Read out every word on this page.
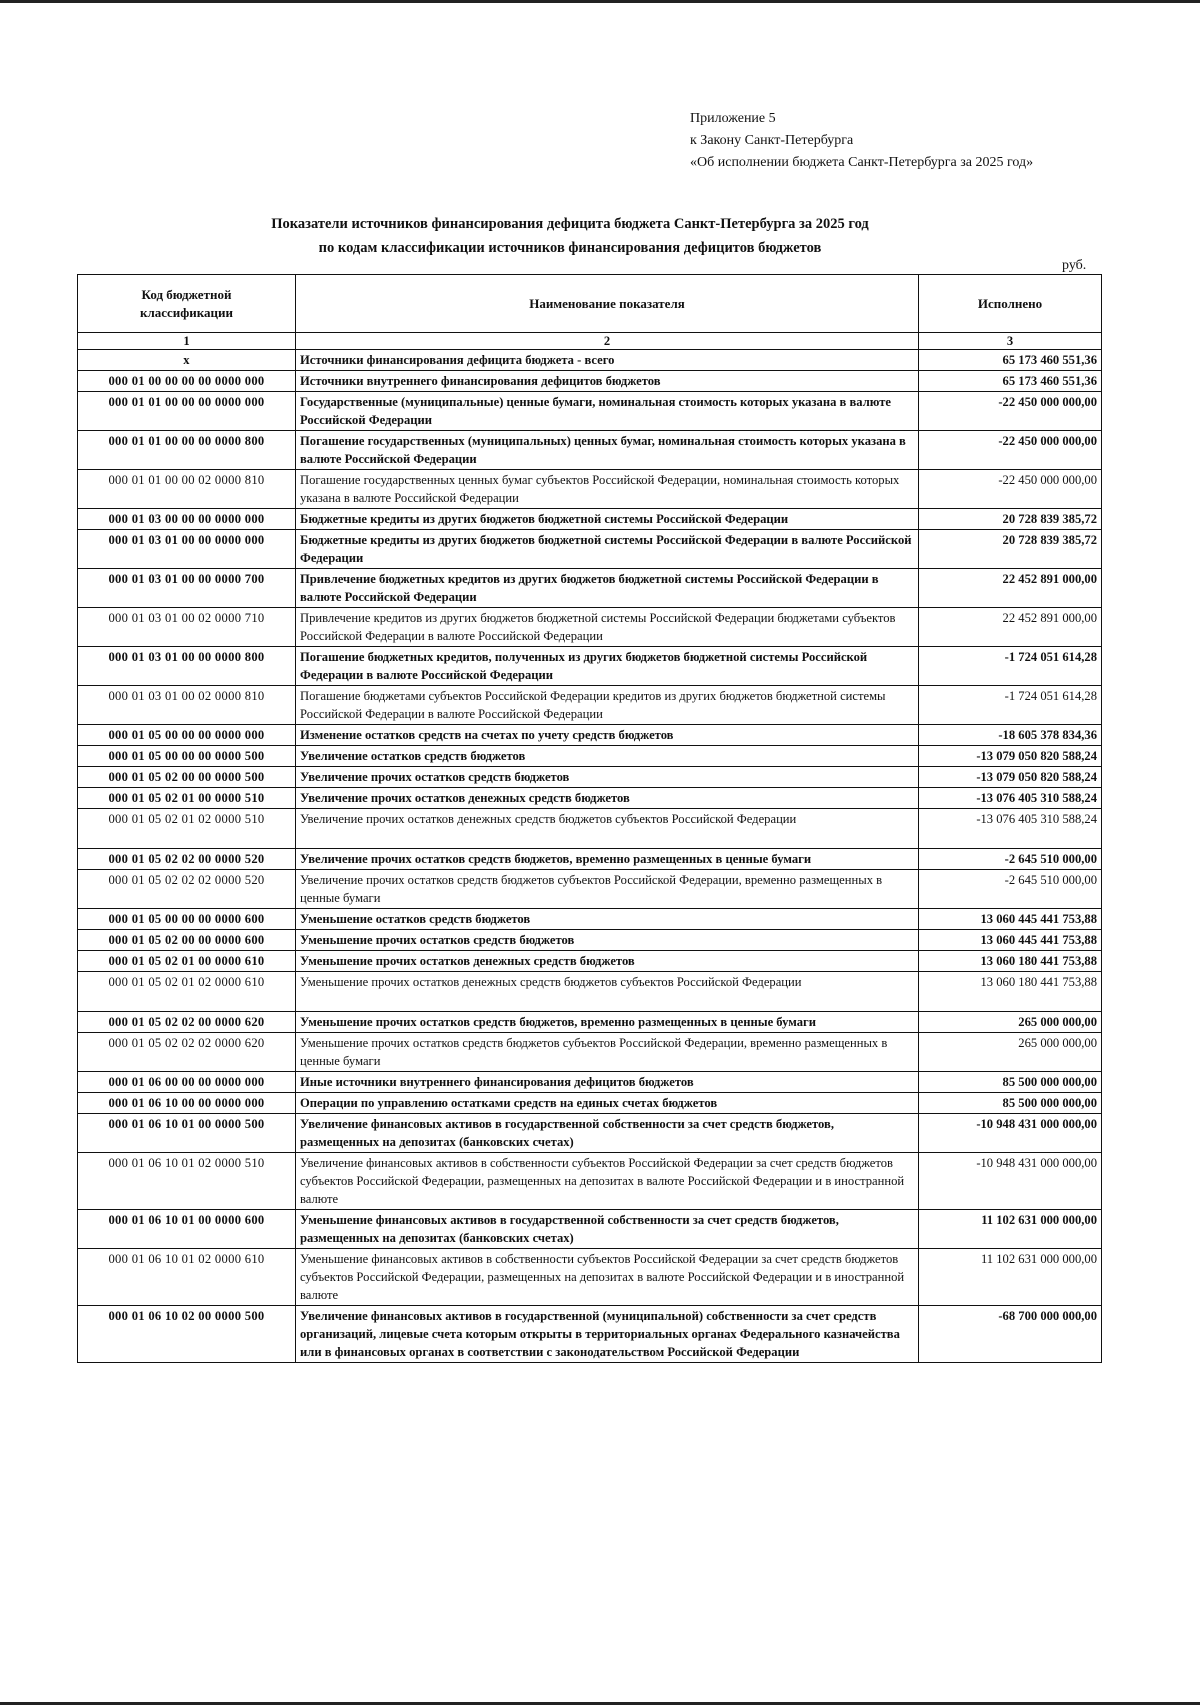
Приложение 5
к Закону Санкт-Петербурга
«Об исполнении бюджета Санкт-Петербурга за 2025 год»
Показатели источников финансирования дефицита бюджета Санкт-Петербурга за 2025 год
по кодам классификации источников финансирования дефицитов бюджетов
руб.
Код бюджетной классификации	Наименование показателя	Исполнено
1	2	3
х	Источники финансирования дефицита бюджета - всего	65 173 460 551,36
000 01 00 00 00 00 0000 000	Источники внутреннего финансирования дефицитов бюджетов	65 173 460 551,36
000 01 01 00 00 00 0000 000	Государственные (муниципальные) ценные бумаги, номинальная стоимость которых указана в валюте Российской Федерации	-22 450 000 000,00
000 01 01 00 00 00 0000 800	Погашение государственных (муниципальных) ценных бумаг, номинальная стоимость которых указана в валюте Российской Федерации	-22 450 000 000,00
000 01 01 00 00 02 0000 810	Погашение государственных ценных бумаг субъектов Российской Федерации, номинальная стоимость которых указана в валюте Российской Федерации	-22 450 000 000,00
000 01 03 00 00 00 0000 000	Бюджетные кредиты из других бюджетов бюджетной системы Российской Федерации	20 728 839 385,72
000 01 03 01 00 00 0000 000	Бюджетные кредиты из других бюджетов бюджетной системы Российской Федерации в валюте Российской Федерации	20 728 839 385,72
000 01 03 01 00 00 0000 700	Привлечение бюджетных кредитов из других бюджетов бюджетной системы Российской Федерации в валюте Российской Федерации	22 452 891 000,00
000 01 03 01 00 02 0000 710	Привлечение кредитов из других бюджетов бюджетной системы Российской Федерации бюджетами субъектов Российской Федерации в валюте Российской Федерации	22 452 891 000,00
000 01 03 01 00 00 0000 800	Погашение бюджетных кредитов, полученных из других бюджетов бюджетной системы Российской Федерации в валюте Российской Федерации	-1 724 051 614,28
000 01 03 01 00 02 0000 810	Погашение бюджетами субъектов Российской Федерации кредитов из других бюджетов бюджетной системы Российской Федерации в валюте Российской Федерации	-1 724 051 614,28
000 01 05 00 00 00 0000 000	Изменение остатков средств на счетах по учету средств бюджетов	-18 605 378 834,36
000 01 05 00 00 00 0000 500	Увеличение остатков средств бюджетов	-13 079 050 820 588,24
000 01 05 02 00 00 0000 500	Увеличение прочих остатков средств бюджетов	-13 079 050 820 588,24
000 01 05 02 01 00 0000 510	Увеличение прочих остатков денежных средств бюджетов	-13 076 405 310 588,24
000 01 05 02 01 02 0000 510	Увеличение прочих остатков денежных средств бюджетов субъектов Российской Федерации	-13 076 405 310 588,24
000 01 05 02 02 00 0000 520	Увеличение прочих остатков средств бюджетов, временно размещенных в ценные бумаги	-2 645 510 000,00
000 01 05 02 02 02 0000 520	Увеличение прочих остатков средств бюджетов субъектов Российской Федерации, временно размещенных в ценные бумаги	-2 645 510 000,00
000 01 05 00 00 00 0000 600	Уменьшение остатков средств бюджетов	13 060 445 441 753,88
000 01 05 02 00 00 0000 600	Уменьшение прочих остатков средств бюджетов	13 060 445 441 753,88
000 01 05 02 01 00 0000 610	Уменьшение прочих остатков денежных средств бюджетов	13 060 180 441 753,88
000 01 05 02 01 02 0000 610	Уменьшение прочих остатков денежных средств бюджетов субъектов Российской Федерации	13 060 180 441 753,88
000 01 05 02 02 00 0000 620	Уменьшение прочих остатков средств бюджетов, временно размещенных в ценные бумаги	265 000 000,00
000 01 05 02 02 02 0000 620	Уменьшение прочих остатков средств бюджетов субъектов Российской Федерации, временно размещенных в ценные бумаги	265 000 000,00
000 01 06 00 00 00 0000 000	Иные источники внутреннего финансирования дефицитов бюджетов	85 500 000 000,00
000 01 06 10 00 00 0000 000	Операции по управлению остатками средств на единых счетах бюджетов	85 500 000 000,00
000 01 06 10 01 00 0000 500	Увеличение финансовых активов в государственной собственности за счет средств бюджетов, размещенных на депозитах (банковских счетах)	-10 948 431 000 000,00
000 01 06 10 01 02 0000 510	Увеличение финансовых активов в собственности субъектов Российской Федерации за счет средств бюджетов субъектов Российской Федерации, размещенных на депозитах в валюте Российской Федерации и в иностранной валюте	-10 948 431 000 000,00
000 01 06 10 01 00 0000 600	Уменьшение финансовых активов в государственной собственности за счет средств бюджетов, размещенных на депозитах (банковских счетах)	11 102 631 000 000,00
000 01 06 10 01 02 0000 610	Уменьшение финансовых активов в собственности субъектов Российской Федерации за счет средств бюджетов субъектов Российской Федерации, размещенных на депозитах в валюте Российской Федерации и в иностранной валюте	11 102 631 000 000,00
000 01 06 10 02 00 0000 500	Увеличение финансовых активов в государственной (муниципальной) собственности за счет средств организаций, лицевые счета которым открыты в территориальных органах Федерального казначейства или в финансовых органах в соответствии с законодательством Российской Федерации	-68 700 000 000,00
